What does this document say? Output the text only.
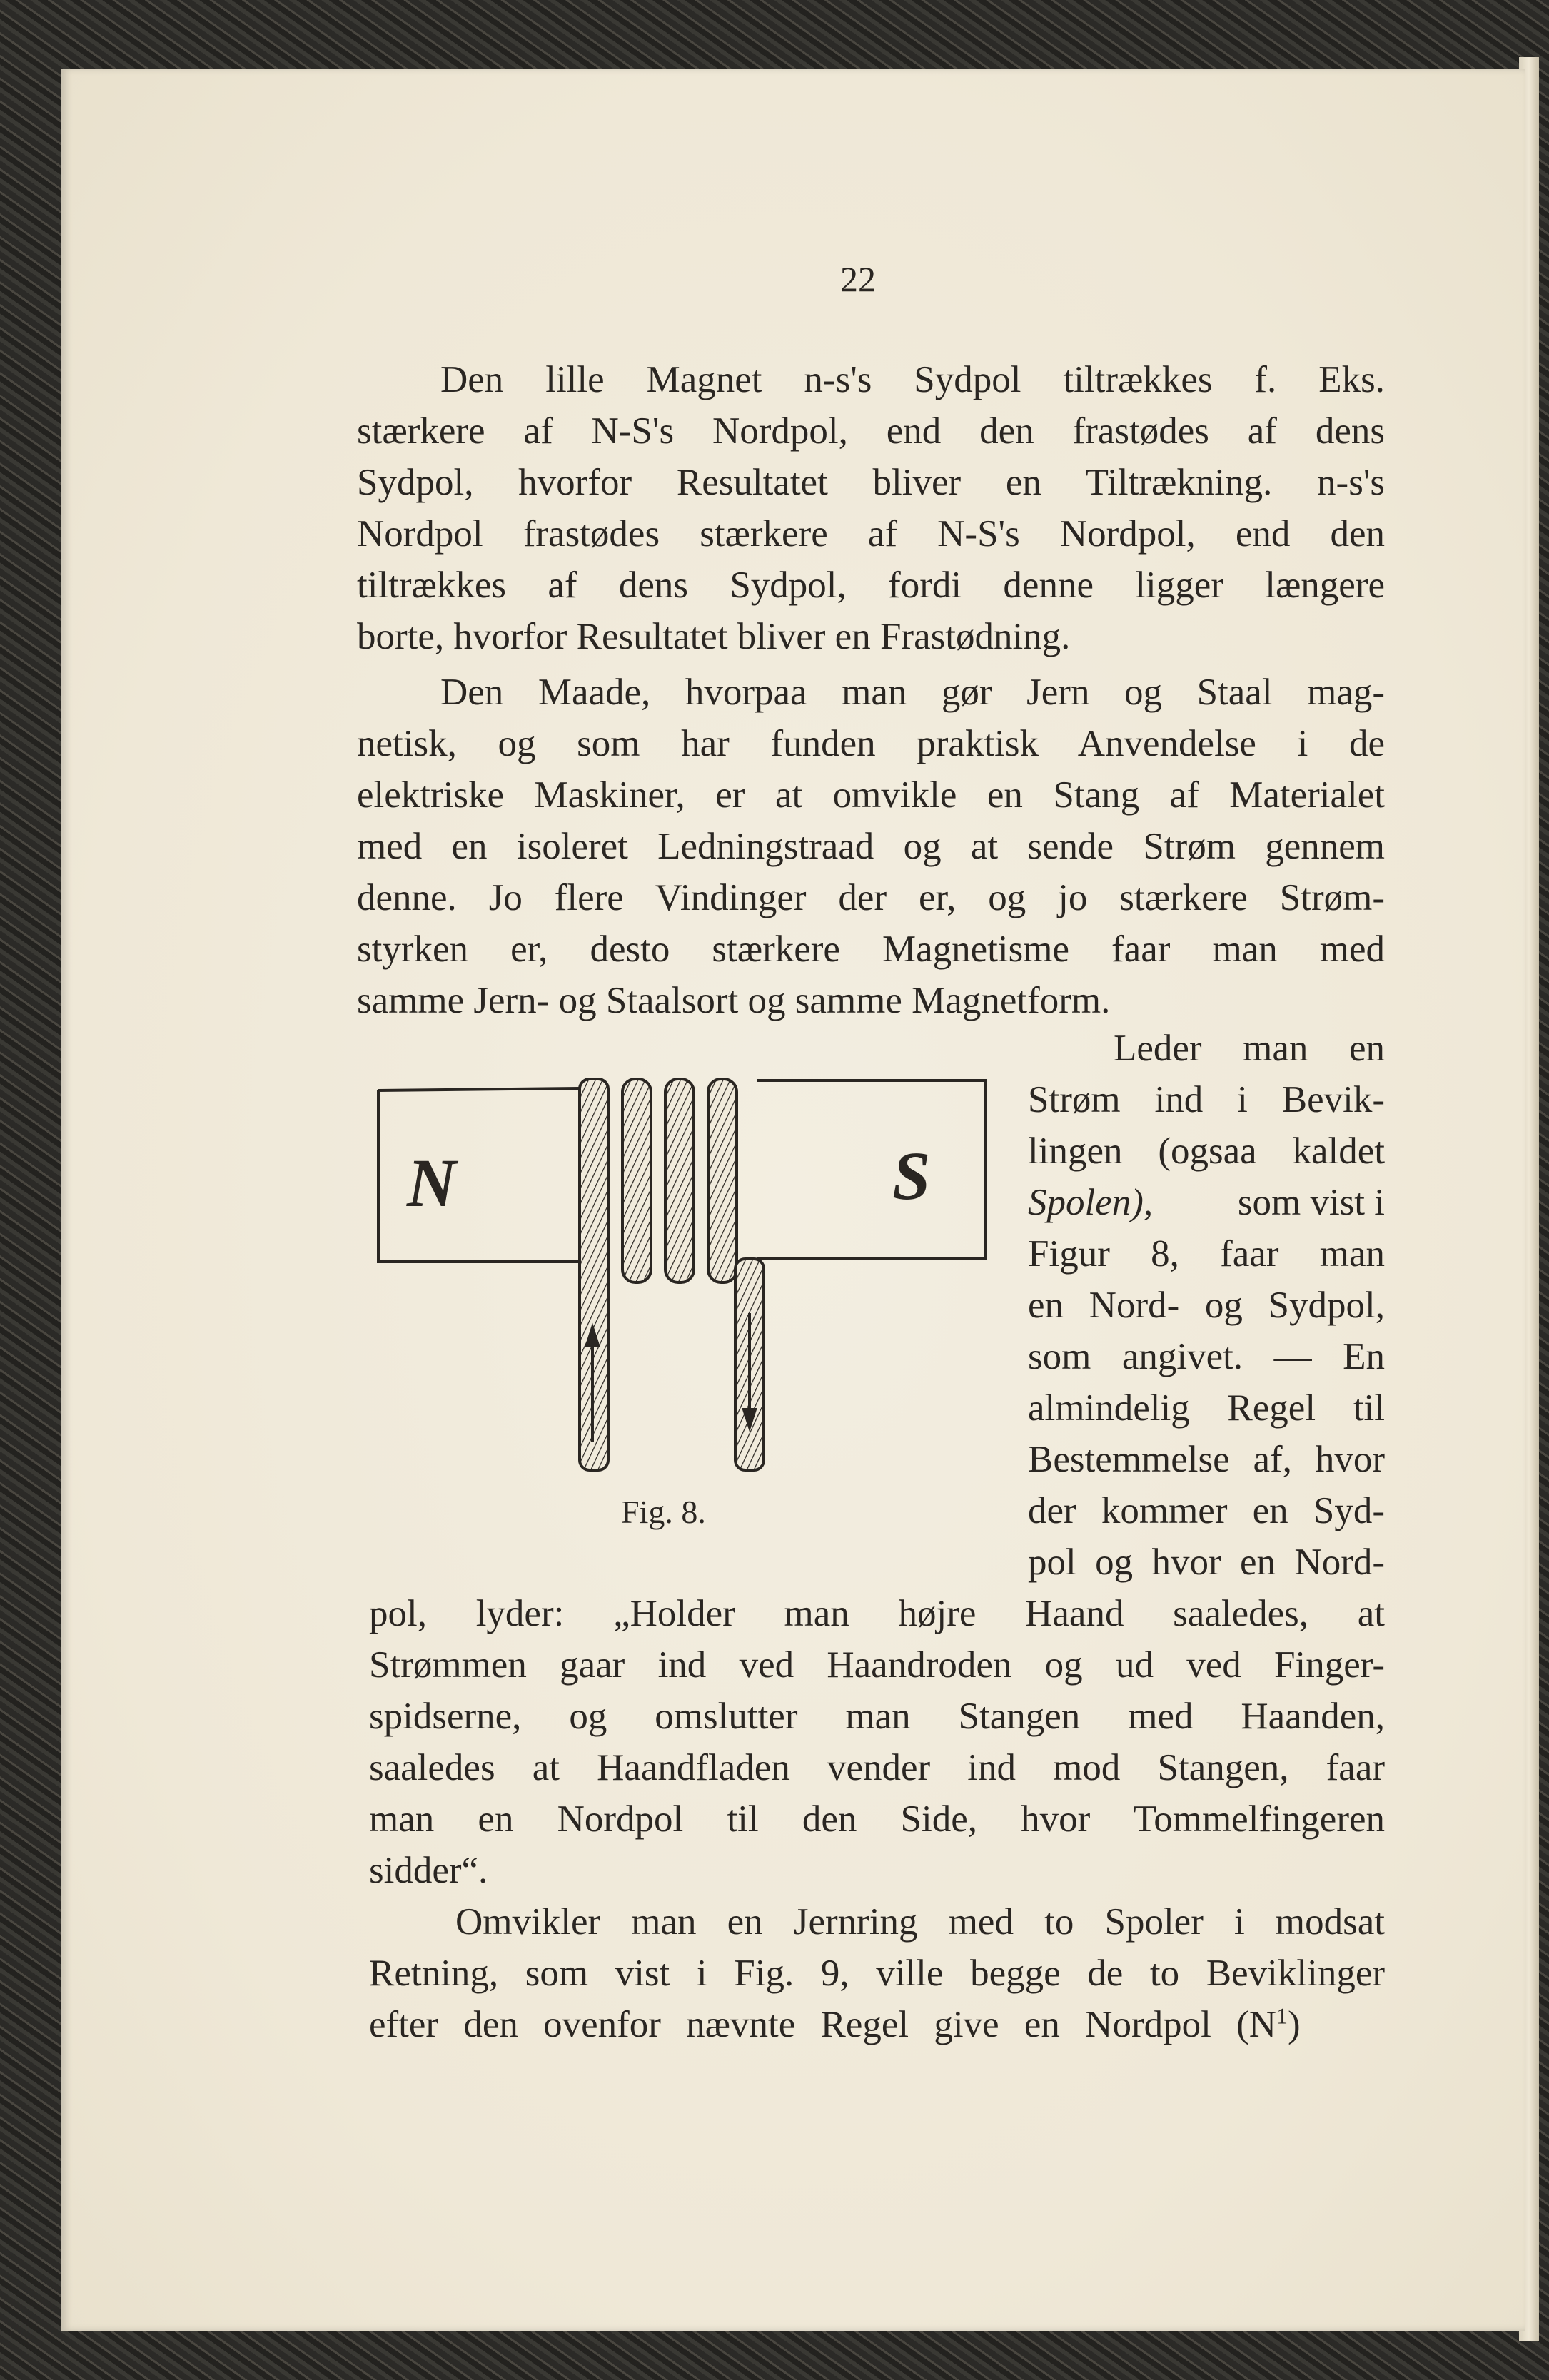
22
Den lille Magnet n-s's Sydpol tiltrækkes f. Eks.
stærkere af N-S's Nordpol, end den frastødes af dens
Sydpol, hvorfor Resultatet bliver en Tiltrækning. n-s's
Nordpol frastødes stærkere af N-S's Nordpol, end den
tiltrækkes af dens Sydpol, fordi denne ligger længere
borte, hvorfor Resultatet bliver en Frastødning.
Den Maade, hvorpaa man gør Jern og Staal mag-
netisk, og som har funden praktisk Anvendelse i de
elektriske Maskiner, er at omvikle en Stang af Materialet
med en isoleret Ledningstraad og at sende Strøm gennem
denne. Jo flere Vindinger der er, og jo stærkere Strøm-
styrken er, desto stærkere Magnetisme faar man med
samme Jern- og Staalsort og samme Magnetform.
Leder man en
Strøm ind i Bevik-
lingen (ogsaa kaldet
Spolen), som vist i
Figur 8, faar man
en Nord- og Sydpol,
som angivet. — En
almindelig Regel til
Bestemmelse af, hvor
der kommer en Syd-
pol og hvor en Nord-
pol, lyder: „Holder man højre Haand saaledes, at
Strømmen gaar ind ved Haandroden og ud ved Finger-
spidserne, og omslutter man Stangen med Haanden,
saaledes at Haandfladen vender ind mod Stangen, faar
man en Nordpol til den Side, hvor Tommelfingeren
sidder“.
Omvikler man en Jernring med to Spoler i modsat
Retning, som vist i Fig. 9, ville begge de to Beviklinger
efter den ovenfor nævnte Regel give en Nordpol $(N^1)$
N	S
Fig. 8.
